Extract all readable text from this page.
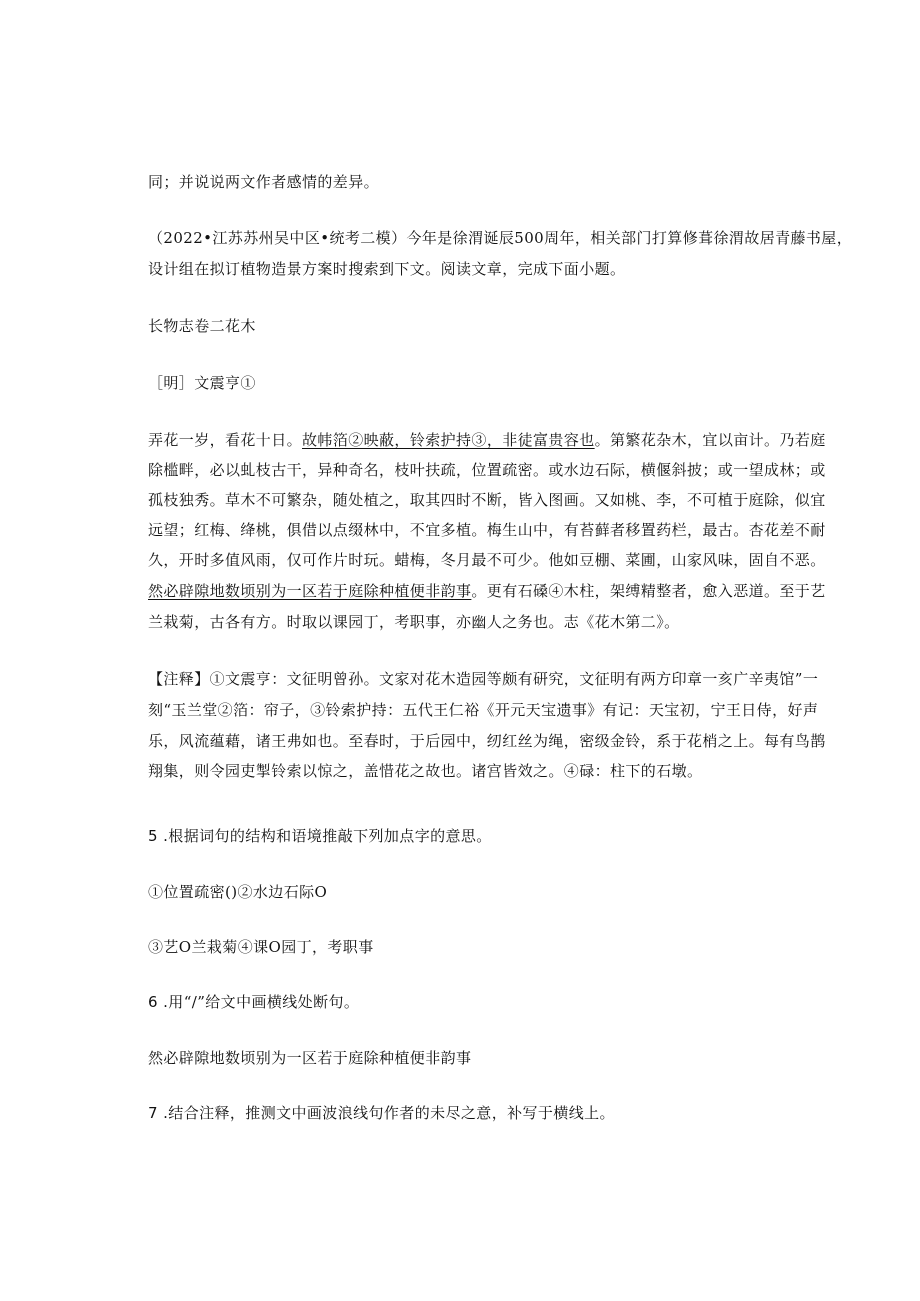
同；并说说两文作者感情的差异。
（2022•江苏苏州吴中区•统考二模）今年是徐渭诞辰500周年，相关部门打算修葺徐渭故居青藤书屋，
设计组在拟订植物造景方案时搜索到下文。阅读文章，完成下面小题。
长物志卷二花木
［明］文震亨①
弄花一岁，看花十日。故帏箔②映蔽，铃索护持③，非徒富贵容也。第繁花杂木，宜以亩计。乃若庭
除槛畔，必以虬枝古干，异种奇名，枝叶扶疏，位置疏密。或水边石际，横偃斜披；或一望成林；或
孤枝独秀。草木不可繁杂，随处植之，取其四时不断，皆入图画。又如桃、李，不可植于庭除，似宜
远望；红梅、绛桃，俱借以点缀林中，不宜多植。梅生山中，有苔藓者移置药栏，最古。杏花差不耐
久，开时多值风雨，仅可作片时玩。蜡梅，冬月最不可少。他如豆棚、菜圃，山家风味，固自不恶。
然必辟隙地数顷别为一区若于庭除种植便非韵事。更有石磉④木柱，架缚精整者，愈入恶道。至于艺
兰栽菊，古各有方。时取以课园丁，考职事，亦幽人之务也。志《花木第二》。
【注释】①文震亨：文征明曾孙。文家对花木造园等颇有研究，文征明有两方印章一亥广辛夷馆”一
刻“玉兰堂②箔：帘子，③铃索护持：五代王仁裕《开元天宝遗事》有记：天宝初，宁王日侍，好声
乐，风流蕴藉，诸王弗如也。至春时，于后园中，纫红丝为绳，密级金铃，系于花梢之上。每有鸟鹊
翔集，则令园吏掣铃索以惊之，盖惜花之故也。诸宫皆效之。④碌：柱下的石墩。
5 .根据词句的结构和语境推敲下列加点字的意思。
①位置疏密()②水边石际O
③艺O兰栽菊④课O园丁，考职事
6 .用“/”给文中画横线处断句。
然必辟隙地数顷别为一区若于庭除种植便非韵事
7 .结合注释，推测文中画波浪线句作者的未尽之意，补写于横线上。
